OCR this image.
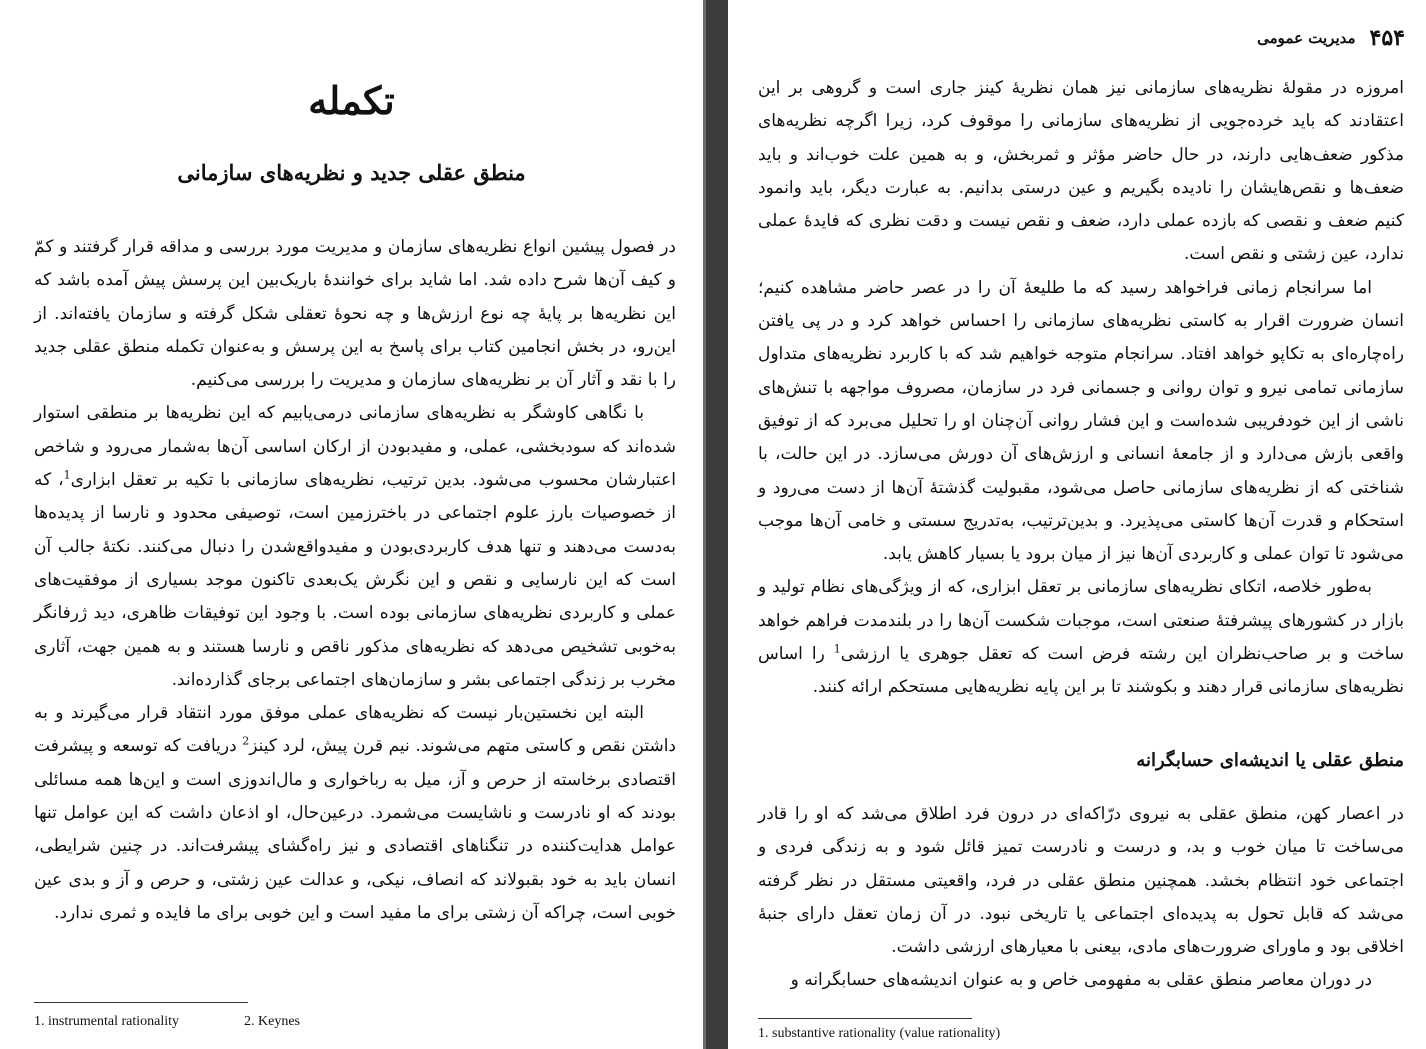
تکمله
منطق عقلی جدید و نظریه‌های سازمانی

در فصول پیشین انواع نظریه‌های سازمان و مدیریت مورد بررسی و مداقه قرار گرفتند و کمّ و کیف آن‌ها شرح داده شد. اما شاید برای خوانندهٔ باریک‌بین این پرسش پیش آمده باشد که این نظریه‌ها بر پایهٔ چه نوع ارزش‌ها و چه نحوهٔ تعقلی شکل گرفته و سازمان یافته‌اند. از این‌رو، در بخش انجامین کتاب برای پاسخ به این پرسش و به‌عنوان تکمله منطق عقلی جدید را با نقد و آثار آن بر نظریه‌های سازمان و مدیریت را بررسی می‌کنیم.

با نگاهی کاوشگر به نظریه‌های سازمانی درمی‌یابیم که این نظریه‌ها بر منطقی استوار شده‌اند که سودبخشی، عملی، و مفیدبودن از ارکان اساسی آن‌ها به‌شمار می‌رود و شاخص اعتبارشان محسوب می‌شود. بدین ترتیب، نظریه‌های سازمانی با تکیه بر تعقل ابزاری$^1$، که از خصوصیات بارز علوم اجتماعی در باختر‌زمین است، توصیفی محدود و نارسا از پدیده‌ها به‌دست می‌دهند و تنها هدف کاربردی‌بودن و مفید‌واقع‌شدن را دنبال می‌کنند. نکتهٔ جالب آن است که این نارسایی و نقص و این نگرش یک‌بعدی تاکنون موجد بسیاری از موفقیت‌های عملی و کاربردی نظریه‌های سازمانی بوده است. با وجود این توفیقات ظاهری، دید ژرفانگر به‌خوبی تشخیص می‌دهد که نظریه‌های مذکور ناقص و نارسا هستند و به همین جهت، آثاری مخرب بر زندگی اجتماعی بشر و سازمان‌های اجتماعی برجای گذارده‌اند.

البته این نخستین‌بار نیست که نظریه‌های عملی موفق مورد انتقاد قرار می‌گیرند و به داشتن نقص و کاستی متهم می‌شوند. نیم قرن پیش، لرد کینز$^2$ دریافت که توسعه و پیشرفت اقتصادی برخاسته از حرص و آز، میل به رباخواری و مال‌اندوزی است و این‌ها همه مسائلی بودند که او نادرست و ناشایست می‌شمرد. درعین‌حال، او اذعان داشت که این عوامل تنها عوامل هدایت‌کننده در تنگناهای اقتصادی و نیز راه‌گشای پیشرفت‌اند. در چنین شرایطی، انسان باید به خود بقبولاند که انصاف، نیکی، و عدالت عین زشتی، و حرص و آز و بدی عین خوبی است، چراکه آن زشتی برای ما مفید است و این خوبی برای ما فایده و ثمری ندارد.

1. instrumental rationality	2. Keynes
۴۵۴
مدیریت عمومی

امروزه در مقولهٔ نظریه‌های سازمانی نیز همان نظریهٔ کینز جاری است و گروهی بر این اعتقادند که باید خرده‌جویی از نظریه‌های سازمانی را موقوف کرد، زیرا اگرچه نظریه‌های مذکور ضعف‌هایی دارند، در حال حاضر مؤثر و ثمربخش، و به همین علت خوب‌اند و باید ضعف‌ها و نقص‌هایشان را نادیده بگیریم و عین درستی بدانیم. به عبارت دیگر، باید وانمود کنیم ضعف و نقصی که بازده عملی دارد، ضعف و نقص نیست و دقت نظری که فایدهٔ عملی ندارد، عین زشتی و نقص است.

اما سرانجام زمانی فراخواهد رسید که ما طلیعهٔ آن را در عصر حاضر مشاهده کنیم؛ انسان ضرورت اقرار به کاستی نظریه‌های سازمانی را احساس خواهد کرد و در پی یافتن راه‌چاره‌ای به تکاپو خواهد افتاد. سرانجام متوجه خواهیم شد که با کاربرد نظریه‌های متداول سازمانی تمامی نیرو و توان روانی و جسمانی فرد در سازمان، مصروف مواجهه با تنش‌های ناشی از این خودفریبی شده‌است و این فشار روانی آن‌چنان او را تحلیل می‌برد که از توفیق واقعی بازش می‌دارد و از جامعهٔ انسانی و ارزش‌های آن دورش می‌سازد. در این حالت، با شناختی که از نظریه‌های سازمانی حاصل می‌شود، مقبولیت گذشتهٔ آن‌ها از دست می‌رود و استحکام و قدرت آن‌ها کاستی می‌پذیرد. و بدین‌ترتیب، به‌تدریج سستی و خامی آن‌ها موجب می‌شود تا توان عملی و کاربردی آن‌ها نیز از میان برود یا بسیار کاهش یابد.

به‌طور خلاصه، اتکای نظریه‌های سازمانی بر تعقل ابزاری، که از ویژگی‌های نظام تولید و بازار در کشورهای پیشرفتهٔ صنعتی است، موجبات شکست آن‌ها را در بلندمدت فراهم خواهد ساخت و بر صاحب‌نظران این رشته فرض است که تعقل جوهری یا ارزشی$^1$ را اساس نظریه‌های سازمانی قرار دهند و بکوشند تا بر این پایه نظریه‌هایی مستحکم ارائه کنند.

منطق عقلی یا اندیشه‌ای حسابگرانه

در اعصار کهن، منطق عقلی به نیروی درّاکه‌ای در درون فرد اطلاق می‌شد که او را قادر می‌ساخت تا میان خوب و بد، و درست و نادرست تمیز قائل شود و به زندگی فردی و اجتماعی خود انتظام بخشد. همچنین منطق عقلی در فرد، واقعیتی مستقل در نظر گرفته می‌شد که قابل تحول به پدیده‌ای اجتماعی یا تاریخی نبود. در آن زمان تعقل دارای جنبهٔ اخلاقی بود و ماورای ضرورت‌های مادی، بیعنی با معیارهای ارزشی داشت.

در دوران معاصر منطق عقلی به مفهومی خاص و به عنوان اندیشه‌های حسابگرانه و

1. substantive rationality (value rationality)
